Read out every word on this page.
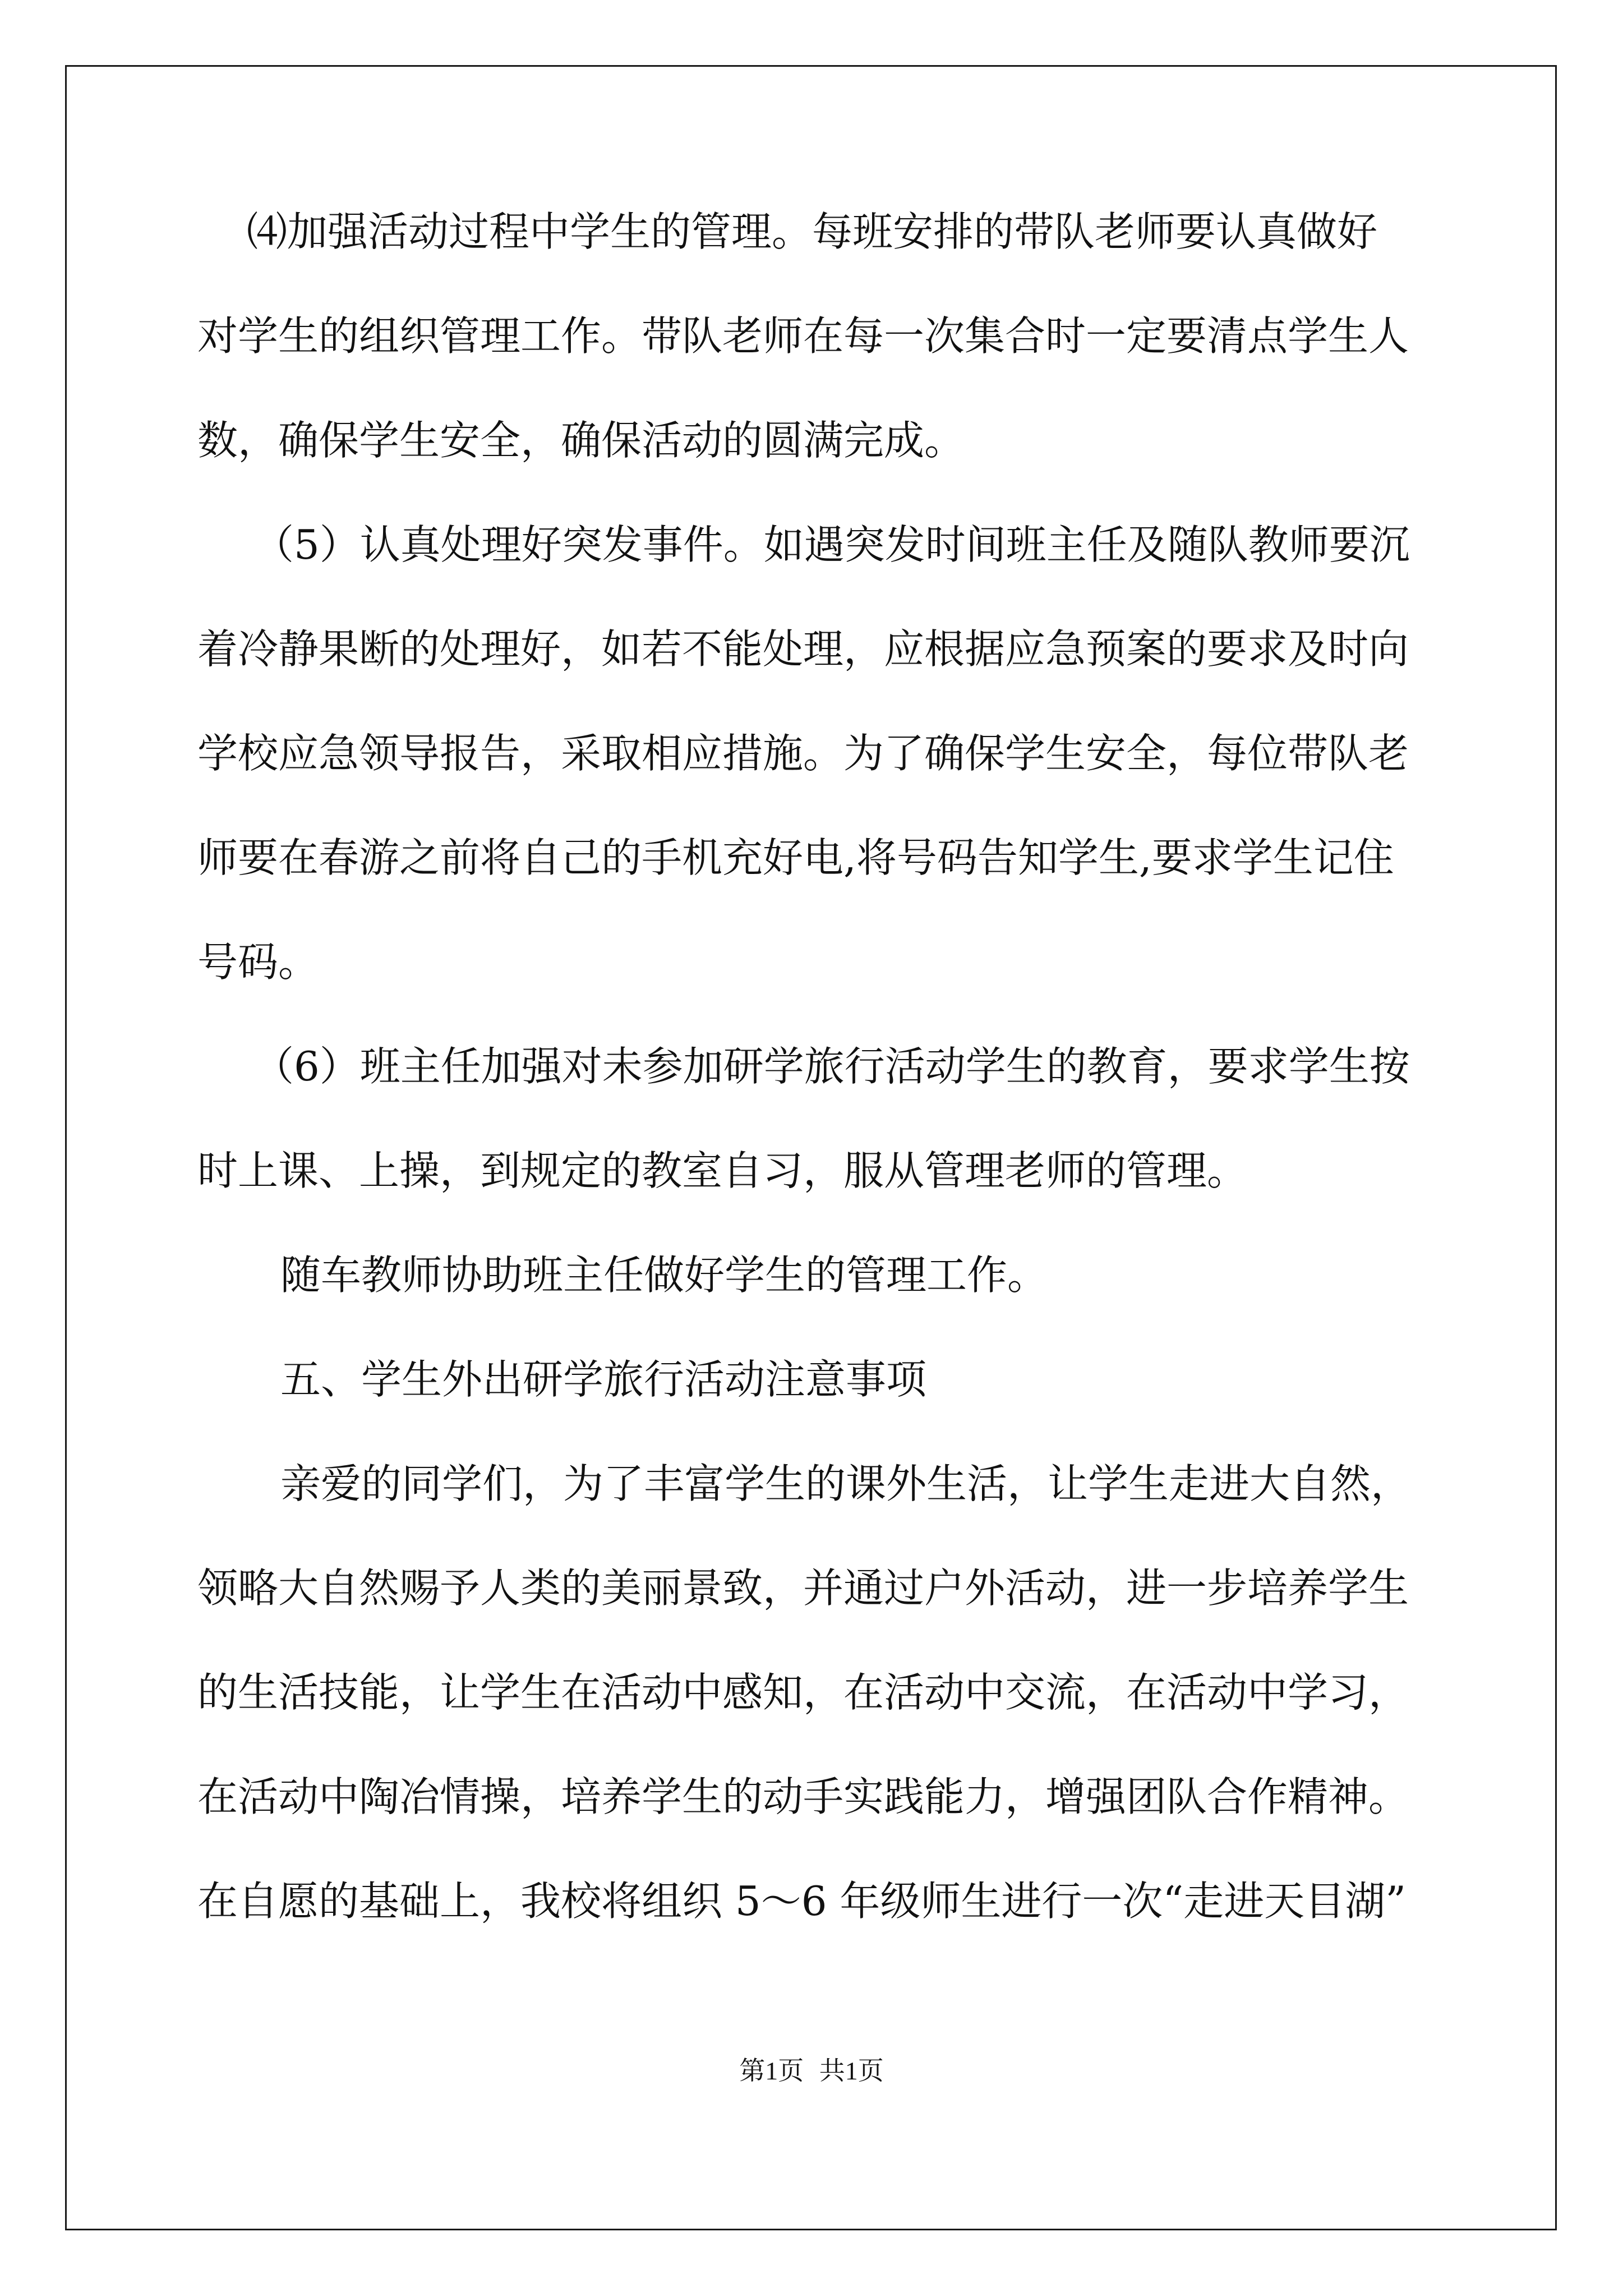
⑷加强活动过程中学生的管理。每班安排的带队老师要认真做好
对学生的组织管理工作。带队老师在每一次集合时一定要清点学生人
数，确保学生安全，确保活动的圆满完成。
（5）认真处理好突发事件。如遇突发时间班主任及随队教师要沉
着冷静果断的处理好，如若不能处理，应根据应急预案的要求及时向
学校应急领导报告，采取相应措施。为了确保学生安全，每位带队老
师要在春游之前将自己的手机充好电,将号码告知学生,要求学生记住
号码。
（6）班主任加强对未参加研学旅行活动学生的教育，要求学生按
时上课、上操，到规定的教室自习，服从管理老师的管理。
随车教师协助班主任做好学生的管理工作。
五、学生外出研学旅行活动注意事项
亲爱的同学们，为了丰富学生的课外生活，让学生走进大自然，
领略大自然赐予人类的美丽景致，并通过户外活动，进一步培养学生
的生活技能，让学生在活动中感知，在活动中交流，在活动中学习，
在活动中陶冶情操，培养学生的动手实践能力，增强团队合作精神。
在自愿的基础上，我校将组织 5～6 年级师生进行一次“走进天目湖”
第1页 共1页
